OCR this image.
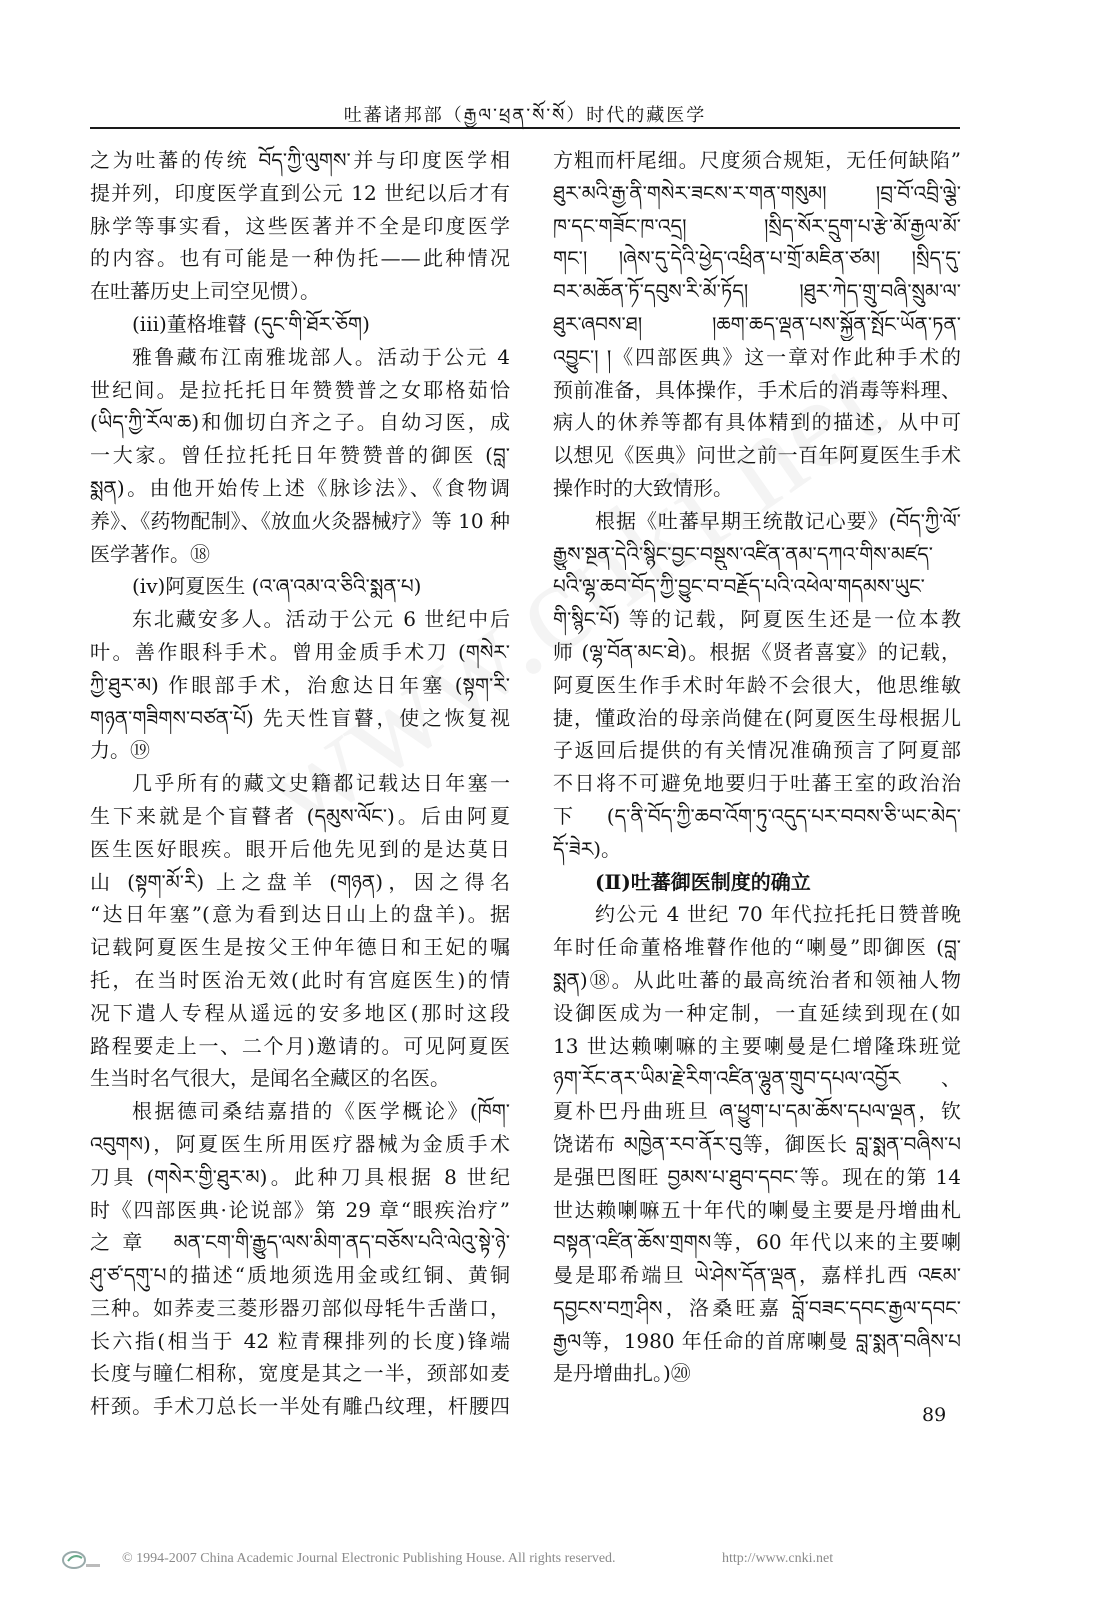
吐蕃诸邦部（རྒྱལ་ཕྲན་སོ་སོ）时代的藏医学
之为吐蕃的传统 བོད་ཀྱི་ལུགས་并与印度医学相
提并列，印度医学直到公元 12 世纪以后才有
脉学等事实看，这些医著并不全是印度医学
的内容。也有可能是一种伪托——此种情况
在吐蕃历史上司空见惯）。
(iii)董格堆瞽 (དུང་གི་ཐོར་ཅོག)
雅鲁藏布江南雅垅部人。活动于公元 4
世纪间。是拉托托日年赞赞普之女耶格茹恰
(ཡིད་ཀྱི་རོལ་ཆ)和伽切白齐之子。自幼习医，成
一大家。曾任拉托托日年赞赞普的御医 (བླ་
སྨན)。由他开始传上述《脉诊法》、《食物调
养》、《药物配制》、《放血火灸器械疗》等 10 种
医学著作。⑱
(iv)阿夏医生 (འ་ཞ་འམ་འ་ཅིའི་སྨན་པ)
东北藏安多人。活动于公元 6 世纪中后
叶。善作眼科手术。曾用金质手术刀 (གསེར་
ཀྱི་ཐུར་མ) 作眼部手术，治愈达日年塞 (སྟག་རི་
གཉན་གཟིགས་བཙན་པོ) 先天性盲瞽，使之恢复视
力。⑲
几乎所有的藏文史籍都记载达日年塞一
生下来就是个盲瞽者 (དམུས་ལོང་)。后由阿夏
医生医好眼疾。眼开后他先见到的是达莫日
山 (སྟག་མོ་རི) 上之盘羊 (གཉན)，因之得名
“达日年塞”(意为看到达日山上的盘羊)。据
记载阿夏医生是按父王仲年德日和王妃的嘱
托，在当时医治无效(此时有宫庭医生)的情
况下遣人专程从遥远的安多地区(那时这段
路程要走上一、二个月)邀请的。可见阿夏医
生当时名气很大，是闻名全藏区的名医。
根据德司桑结嘉措的《医学概论》(ཁོག་
འབུགས)，阿夏医生所用医疗器械为金质手术
刀具 (གསེར་གྱི་ཐུར་མ)。此种刀具根据 8 世纪
时《四部医典·论说部》第 29 章“眼疾治疗”
之章 མན་ངག་གི་རྒྱུད་ལས་མིག་ནད་བཅོས་པའི་ལེའུ་སྟེ་ཉེ་
ཤུ་ཙ་དགུ་པ的描述“质地须选用金或红铜、黄铜
三种。如荞麦三菱形器刃部似母牦牛舌凿口，
长六指(相当于 42 粒青稞排列的长度)锋端
长度与瞳仁相称，宽度是其之一半，颈部如麦
杆颈。手术刀总长一半处有雕凸纹理，杆腰四
方粗而杆尾细。尺度须合规矩，无任何缺陷”
ཐུར་མའི་རྒྱ་ནི་གསེར་ཟངས་ར་གན་གསུམ། །བྲ་བོ་འབྲི་ལྕེ་
ཁ་དང་གཟོང་ཁ་འདྲ། །སྲིད་སོར་དྲུག་པ་རྩེ་མོ་རྒྱལ་མོ་
གང་། །ཞེས་དུ་དེའི་ཕྱེད་འཕྲིན་པ་གྲོ་མཇིན་ཙམ། །སྲིད་དུ་
བར་མཆོན་ཏོ་དབུས་རི་མོ་ཏོད། །ཐུར་ཀེད་གྲུ་བཞི་སྲུམ་ལ་
ཐུར་ཞབས་ཐ། །ཆག་ཆད་ལྡན་པས་སྐྱོན་སྤོང་ཡོན་ཏན་
འབྱུང་། །《四部医典》这一章对作此种手术的
预前准备，具体操作，手术后的消毒等料理、
病人的休养等都有具体精到的描述，从中可
以想见《医典》问世之前一百年阿夏医生手术
操作时的大致情形。
根据《吐蕃早期王统散记心要》(བོད་ཀྱི་ལོ་
རྒྱུས་སྔན་དེའི་སྙིང་བྱང་བསྡུས་འཛིན་ནམ་དཀའ་གིས་མཛད་
པའི་ལྷ་ཆབ་བོད་ཀྱི་བྱུང་བ་བརྗོད་པའི་འཕེལ་གདམས་ཡུང་
གི་སྙིང་པོ) 等的记载，阿夏医生还是一位本教
师 (ལྷ་བོན་མང་ཐེ)。根据《贤者喜宴》的记载，
阿夏医生作手术时年龄不会很大，他思维敏
捷，懂政治的母亲尚健在(阿夏医生母根据儿
子返回后提供的有关情况准确预言了阿夏部
不日将不可避免地要归于吐蕃王室的政治治
下 (ད་ནི་བོད་ཀྱི་ཆབ་འོག་ཏུ་འདུད་པར་བབས་ཅི་ཡང་མེད་
དོ་ཟེར)。
(Ⅱ)吐蕃御医制度的确立
约公元 4 世纪 70 年代拉托托日赞普晚
年时任命董格堆瞽作他的“喇曼”即御医 (བླ་
སྨན)⑱。从此吐蕃的最高统治者和领袖人物
设御医成为一种定制，一直延续到现在(如
13 世达赖喇嘛的主要喇曼是仁增隆珠班觉
ཉག་རོང་ནར་ཡིམ་རྗེ་རིག་འཛིན་ལྷུན་གྲུབ་དཔལ་འབྱོར、
夏朴巴丹曲班旦 ཞ་ཕྱུག་པ་དམ་ཆོས་དཔལ་ལྡན，钦
饶诺布 མཁྱེན་རབ་ནོར་བུ等，御医长 བླ་སྨན་བཞིས་པ
是强巴图旺 བྱམས་པ་ཐུབ་དབང་等。现在的第 14
世达赖喇嘛五十年代的喇曼主要是丹增曲札
བསྟན་འཛིན་ཆོས་གྲགས等，60 年代以来的主要喇
曼是耶希端旦 ཡེ་ཤེས་དོན་ལྡན，嘉样扎西 འཇམ་
དབྱངས་བཀྲ་ཤིས，洛桑旺嘉 བློ་བཟང་དབང་རྒྱལ་དབང་
རྒྱལ等，1980 年任命的首席喇曼 བླ་སྨན་བཞིས་པ
是丹增曲扎。)⑳
89
© 1994-2007 China Academic Journal Electronic Publishing House. All rights reserved.	http://www.cnki.net
